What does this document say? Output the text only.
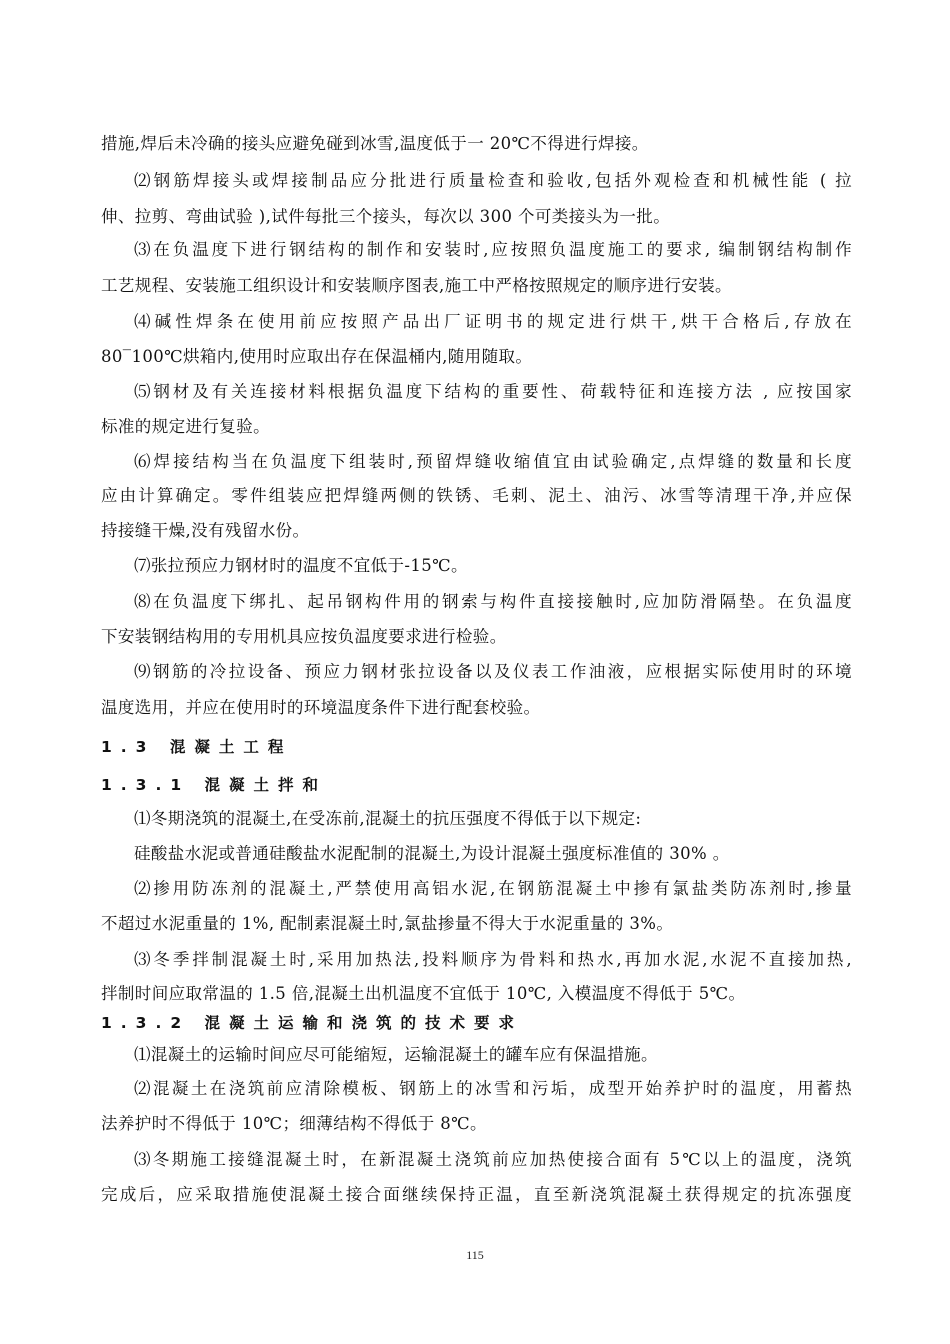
措施,焊后未冷确的接头应避免碰到冰雪,温度低于一 20℃不得进行焊接。
⑵钢筋焊接头或焊接制品应分批进行质量检查和验收,包括外观检查和机械性能 ( 拉
伸、拉剪、弯曲试验 ),试件每批三个接头，每次以 300 个可类接头为一批。
⑶在负温度下进行钢结构的制作和安装时,应按照负温度施工的要求, 编制钢结构制作
工艺规程、安装施工组织设计和安装顺序图表,施工中严格按照规定的顺序进行安装。
⑷碱性焊条在使用前应按照产品出厂证明书的规定进行烘干,烘干合格后,存放在
80‾100℃烘箱内,使用时应取出存在保温桶内,随用随取。
⑸钢材及有关连接材料根据负温度下结构的重要性、荷载特征和连接方法 , 应按国家
标准的规定进行复验。
⑹焊接结构当在负温度下组装时,预留焊缝收缩值宜由试验确定,点焊缝的数量和长度
应由计算确定。零件组装应把焊缝两侧的铁锈、毛刺、泥土、油污、冰雪等清理干净,并应保
持接缝干燥,没有残留水份。
⑺张拉预应力钢材时的温度不宜低于-15℃。
⑻在负温度下绑扎、起吊钢构件用的钢索与构件直接接触时,应加防滑隔垫。在负温度
下安装钢结构用的专用机具应按负温度要求进行检验。
⑼钢筋的冷拉设备、预应力钢材张拉设备以及仪表工作油液，应根据实际使用时的环境
温度选用，并应在使用时的环境温度条件下进行配套校验。
1.3 混凝土工程
1.3.1 混凝土拌和
⑴冬期浇筑的混凝土,在受冻前,混凝土的抗压强度不得低于以下规定:
硅酸盐水泥或普通硅酸盐水泥配制的混凝土,为设计混凝土强度标准值的 30% 。
⑵掺用防冻剂的混凝土,严禁使用高铝水泥,在钢筋混凝土中掺有氯盐类防冻剂时,掺量
不超过水泥重量的 1%, 配制素混凝土时,氯盐掺量不得大于水泥重量的 3%。
⑶冬季拌制混凝土时,采用加热法,投料顺序为骨料和热水,再加水泥,水泥不直接加热,
拌制时间应取常温的 1.5 倍,混凝土出机温度不宜低于 10℃, 入模温度不得低于 5℃。
1.3.2 混凝土运输和浇筑的技术要求
⑴混凝土的运输时间应尽可能缩短，运输混凝土的罐车应有保温措施。
⑵混凝土在浇筑前应清除模板、钢筋上的冰雪和污垢，成型开始养护时的温度，用蓄热
法养护时不得低于 10℃；细薄结构不得低于 8℃。
⑶冬期施工接缝混凝土时，在新混凝土浇筑前应加热使接合面有 5℃以上的温度，浇筑
完成后，应采取措施使混凝土接合面继续保持正温，直至新浇筑混凝土获得规定的抗冻强度
115
